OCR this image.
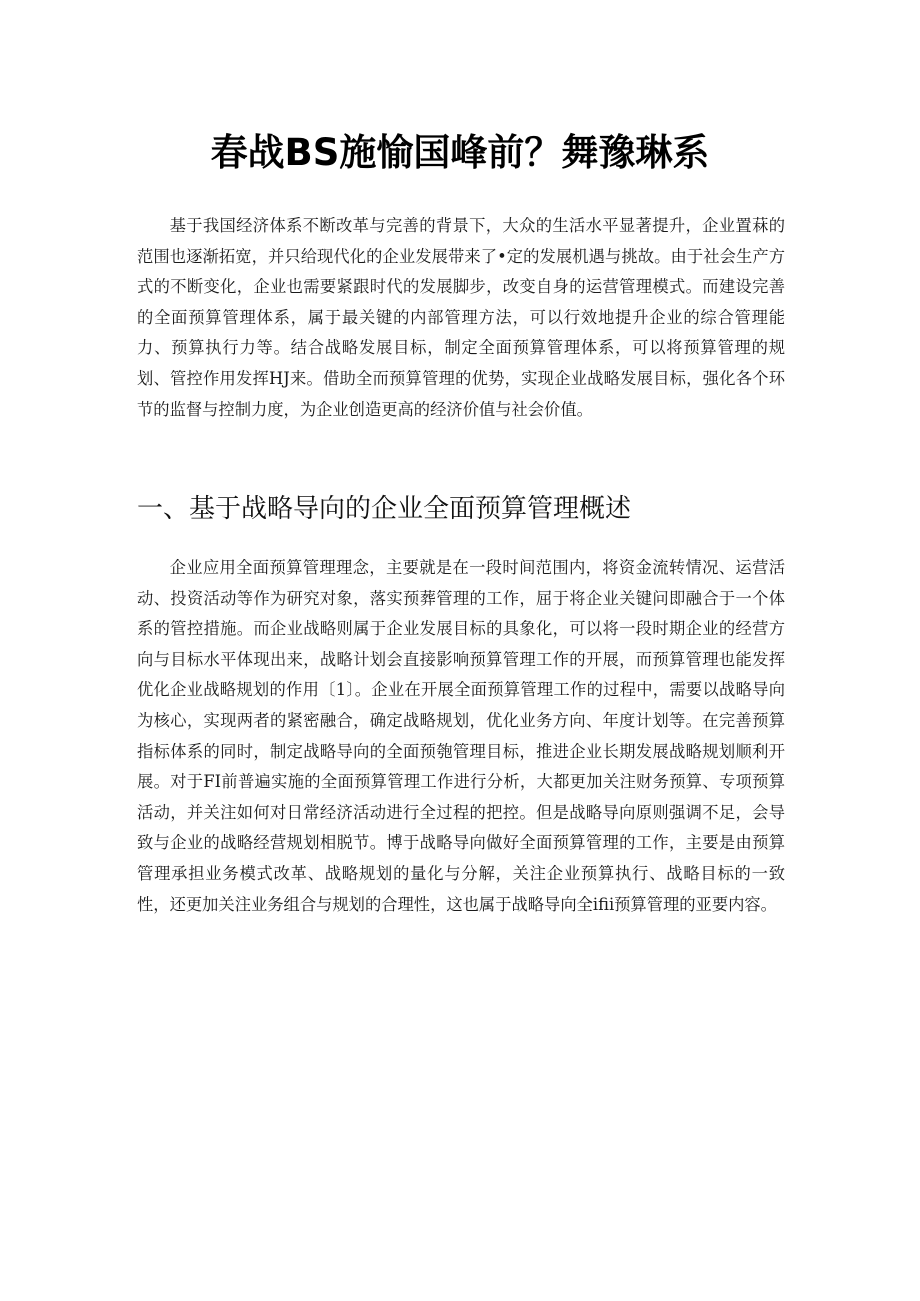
春战BS施愉国峰前？舞豫琳系

基于我国经济体系不断改革与完善的背景下，大众的生活水平显著提升，企业置菻的范围也逐渐拓宽，并只给现代化的企业发展带来了•定的发展机遇与挑故。由于社会生产方式的不断变化，企业也需要紧跟时代的发展脚步，改变自身的运营管理模式。而建设完善的全面预算管理体系，属于最关键的内部管理方法，可以行效地提升企业的综合管理能力、预算执行力等。结合战略发展目标，制定全面预算管理体系，可以将预算管理的规划、管控作用发挥HJ来。借助全而预算管理的优势，实现企业战略发展目标，强化各个环节的监督与控制力度，为企业创造更高的经济价值与社会价值。

一、基于战略导向的企业全面预算管理概述

企业应用全面预算管理理念，主要就是在一段时间范围内，将资金流转情况、运营活动、投资活动等作为研究对象，落实预葬管理的工作，屈于将企业关键问即融合于一个体系的管控措施。而企业战略则属于企业发展目标的具象化，可以将一段时期企业的经营方向与目标水平体现出来，战略计划会直接影响预算管理工作的开展，而预算管理也能发挥优化企业战略规划的作用〔1〕。企业在开展全面预算管理工作的过程中，需要以战略导向为核心，实现两者的紧密融合，确定战略规划，优化业务方向、年度计划等。在完善预算指标体系的同时，制定战略导向的全面预匏管理目标，推进企业长期发展战略规划顺利开展。对于FI前普遍实施的全面预算管理工作进行分析，大都更加关注财务预算、专项预算活动，并关注如何对日常经济活动进行全过程的把控。但是战略导向原则强调不足，会导致与企业的战略经营规划相脱节。博于战略导向做好全面预算管理的工作，主要是由预算管理承担业务模式改革、战略规划的量化与分解，关注企业预算执行、战略目标的一致性，还更加关注业务组合与规划的合理性，这也属于战略导向全ifii预算管理的亚要内容。
